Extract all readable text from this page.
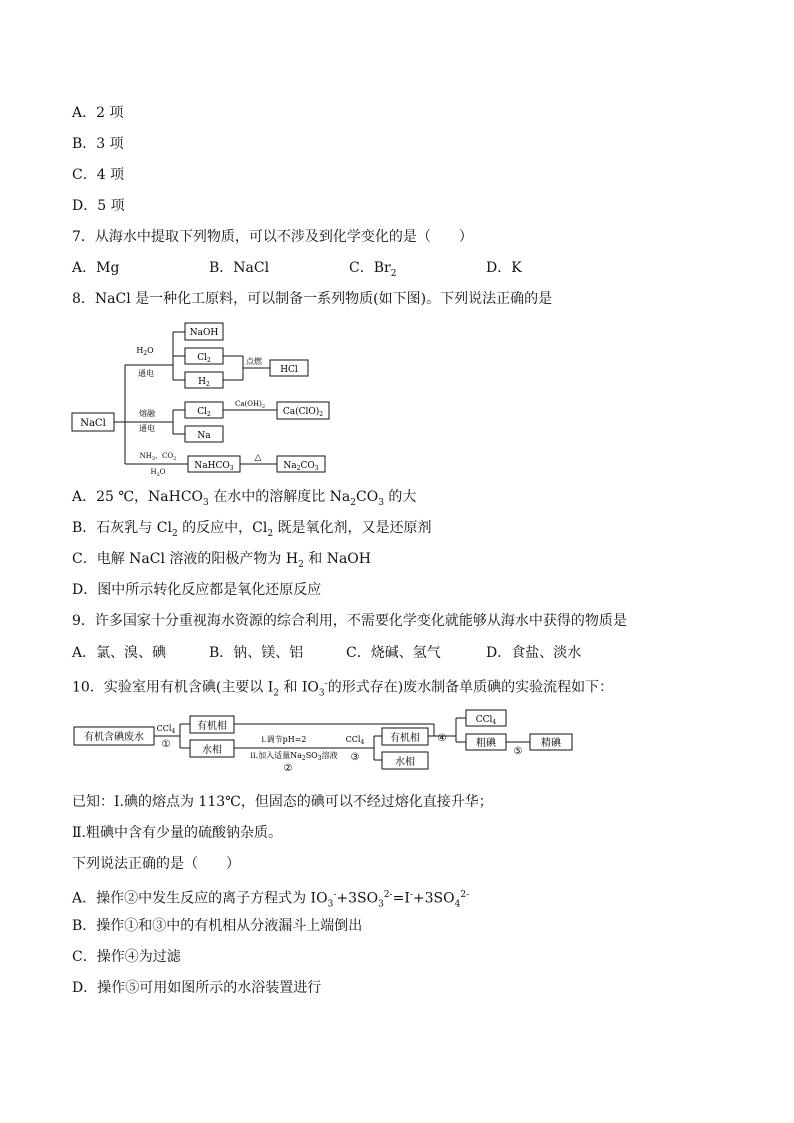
A．2 项
B．3 项
C．4 项
D．5 项
7．从海水中提取下列物质，可以不涉及到化学变化的是（　　）
A．Mg	B．NaCl	C．$Br_2$	D．K
8．NaCl 是一种化工原料，可以制备一系列物质(如下图)。下列说法正确的是
NaCl
$H_2O$
通电
NaOH
$Cl_2$
$H_2$
点燃
HCl
熔融
通电
$Cl_2$
Na
$Ca(OH)_2$ $Ca(ClO)_2$
$NH_3$、$CO_2$
$H_2O$
NaHCO$_3$
△
$Na_2CO_3$
A．25 ℃，NaHCO$_3$ 在水中的溶解度比 $Na_2CO_3$ 的大
B．石灰乳与 $Cl_2$ 的反应中，$Cl_2$ 既是氧化剂，又是还原剂
C．电解 NaCl 溶液的阳极产物为 $H_2$ 和 NaOH
D．图中所示转化反应都是氧化还原反应
9．许多国家十分重视海水资源的综合利用，不需要化学变化就能够从海水中获得的物质是
A．氯、溴、碘	B．钠、镁、铝	C．烧碱、氢气	D．食盐、淡水
10．实验室用有机含碘(主要以 $I_2$ 和 $IO_3^-$的形式存在)废水制备单质碘的实验流程如下：
有机含碘废水
CCl$_4$
①
有机相
水相
i.调节pH=2
ii.加入适量$Na_2SO_3$溶液
②
CCl$_4$
③
有机相
水相
④
CCl$_4$
粗碘
⑤
精碘
已知：Ⅰ.碘的熔点为 113℃，但固态的碘可以不经过熔化直接升华；
Ⅱ.粗碘中含有少量的硫酸钠杂质。
下列说法正确的是（　　）
A．操作②中发生反应的离子方程式为 $IO_3^-+3SO_3^{2-}=I^-+3SO_4^{2-}$
B．操作①和③中的有机相从分液漏斗上端倒出
C．操作④为过滤
D．操作⑤可用如图所示的水浴装置进行
